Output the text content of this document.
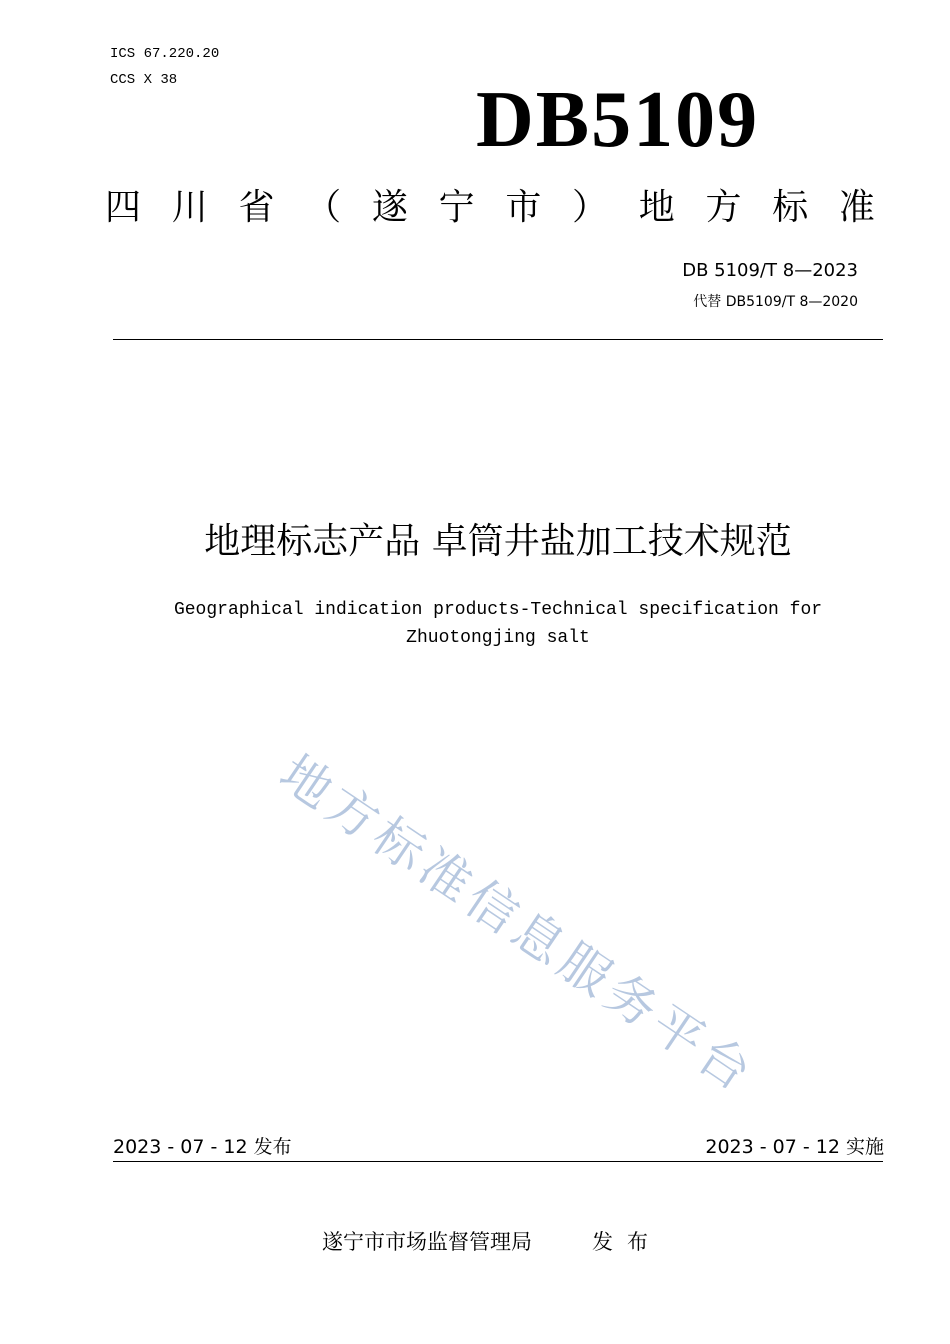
ICS 67.220.20
CCS X 38	DB5109
四 川 省 （ 遂 宁 市 ） 地 方 标 准
DB 5109/T 8—2023
代替 DB5109/T 8—2020
地理标志产品 卓筒井盐加工技术规范
Geographical indication products-Technical specification for
Zhuotongjing salt
地方标准信息服务平台
2023 - 07 - 12 发布	2023 - 07 - 12 实施
遂宁市市场监督管理局	发布
